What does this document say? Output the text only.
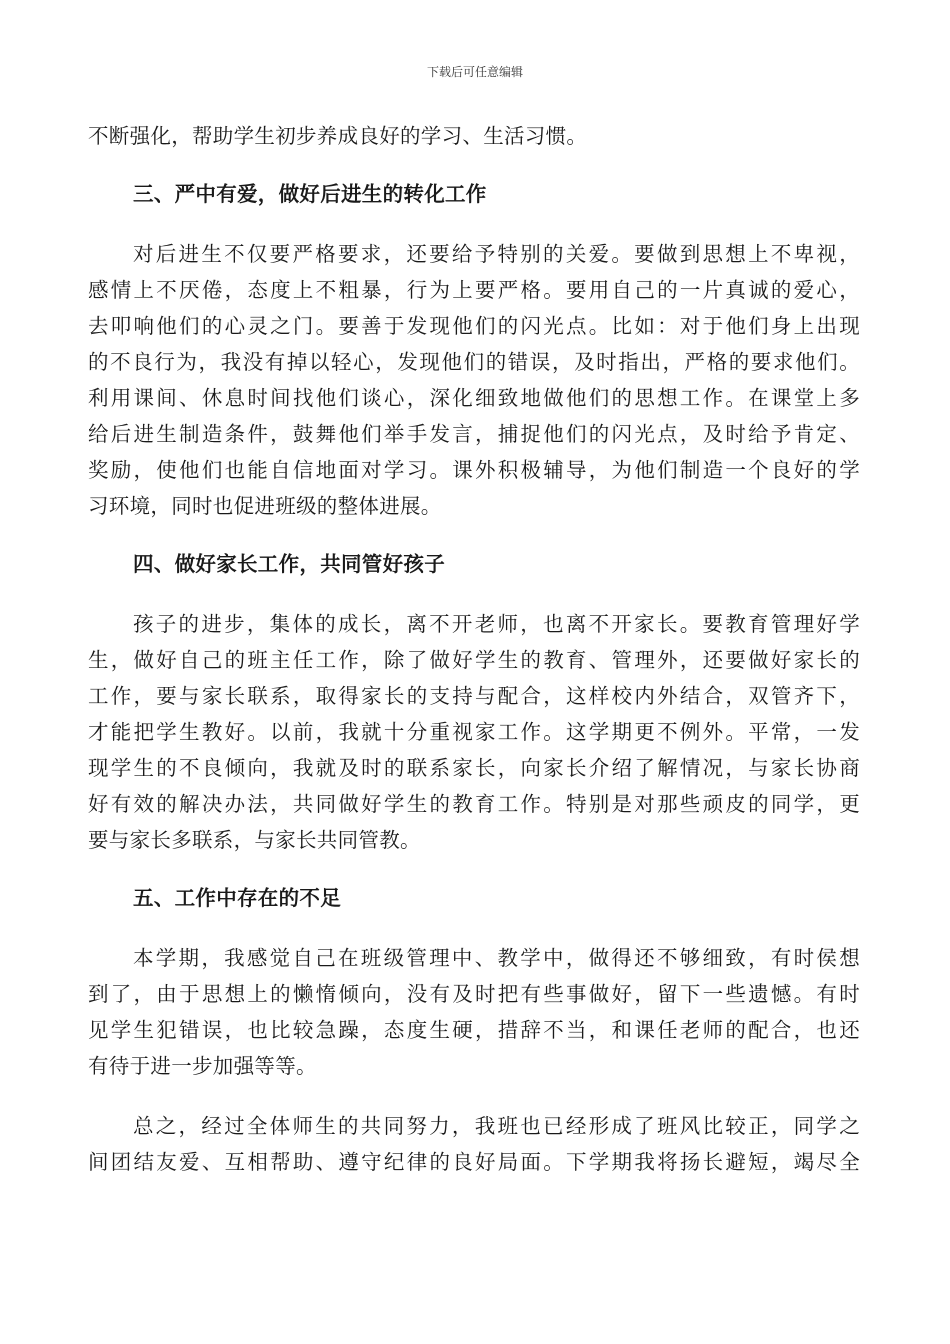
下载后可任意编辑
不断强化，帮助学生初步养成良好的学习、生活习惯。
三、严中有爱，做好后进生的转化工作
对后进生不仅要严格要求，还要给予特别的关爱。要做到思想上不卑视，
感情上不厌倦，态度上不粗暴，行为上要严格。要用自己的一片真诚的爱心，
去叩响他们的心灵之门。要善于发现他们的闪光点。比如：对于他们身上出现
的不良行为，我没有掉以轻心，发现他们的错误，及时指出，严格的要求他们。
利用课间、休息时间找他们谈心，深化细致地做他们的思想工作。在课堂上多
给后进生制造条件，鼓舞他们举手发言，捕捉他们的闪光点，及时给予肯定、
奖励，使他们也能自信地面对学习。课外积极辅导，为他们制造一个良好的学
习环境，同时也促进班级的整体进展。
四、做好家长工作，共同管好孩子
孩子的进步，集体的成长，离不开老师，也离不开家长。要教育管理好学
生，做好自己的班主任工作，除了做好学生的教育、管理外，还要做好家长的
工作，要与家长联系，取得家长的支持与配合，这样校内外结合，双管齐下，
才能把学生教好。以前，我就十分重视家工作。这学期更不例外。平常，一发
现学生的不良倾向，我就及时的联系家长，向家长介绍了解情况，与家长协商
好有效的解决办法，共同做好学生的教育工作。特别是对那些顽皮的同学，更
要与家长多联系，与家长共同管教。
五、工作中存在的不足
本学期，我感觉自己在班级管理中、教学中，做得还不够细致，有时侯想
到了，由于思想上的懒惰倾向，没有及时把有些事做好，留下一些遗憾。有时
见学生犯错误，也比较急躁，态度生硬，措辞不当，和课任老师的配合，也还
有待于进一步加强等等。
总之，经过全体师生的共同努力，我班也已经形成了班风比较正，同学之
间团结友爱、互相帮助、遵守纪律的良好局面。下学期我将扬长避短，竭尽全
